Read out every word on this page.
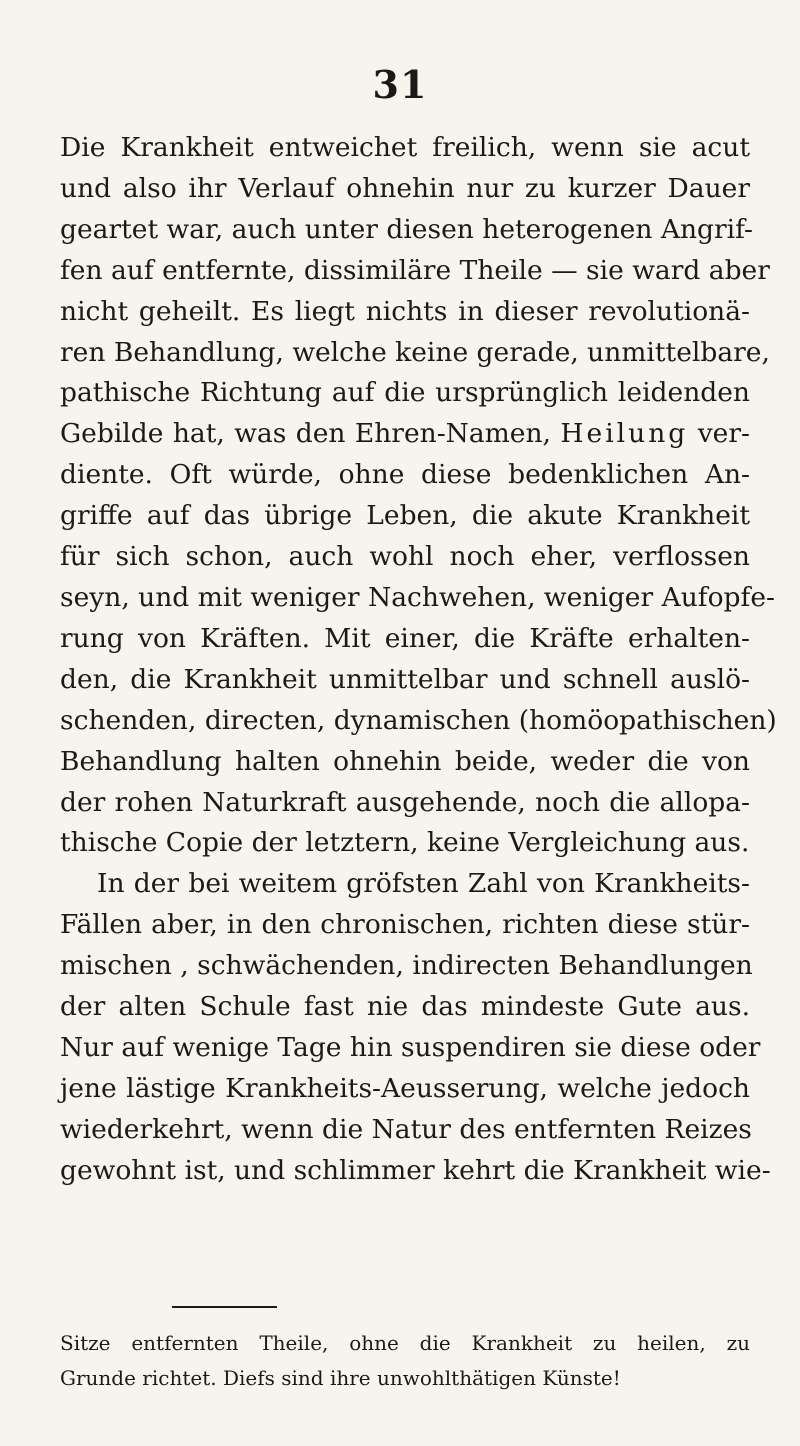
31
Die Krankheit entweichet freilich, wenn sie acut
und also ihr Verlauf ohnehin nur zu kurzer Dauer
geartet war, auch unter diesen heterogenen Angrif-
fen auf entfernte, dissimiläre Theile — sie ward aber
nicht geheilt. Es liegt nichts in dieser revolutionä-
ren Behandlung, welche keine gerade, unmittelbare,
pathische Richtung auf die ursprünglich leidenden
Gebilde hat, was den Ehren-Namen, Heilung ver-
diente. Oft würde, ohne diese bedenklichen An-
griffe auf das übrige Leben, die akute Krankheit
für sich schon, auch wohl noch eher, verflossen
seyn, und mit weniger Nachwehen, weniger Aufopfe-
rung von Kräften. Mit einer, die Kräfte erhalten-
den, die Krankheit unmittelbar und schnell auslö-
schenden, directen, dynamischen (homöopathischen)
Behandlung halten ohnehin beide, weder die von
der rohen Naturkraft ausgehende, noch die allopa-
thische Copie der letztern, keine Vergleichung aus.
In der bei weitem gröfsten Zahl von Krankheits-
Fällen aber, in den chronischen, richten diese stür-
mischen , schwächenden, indirecten Behandlungen
der alten Schule fast nie das mindeste Gute aus.
Nur auf wenige Tage hin suspendiren sie diese oder
jene lästige Krankheits-Aeusserung, welche jedoch
wiederkehrt, wenn die Natur des entfernten Reizes
gewohnt ist, und schlimmer kehrt die Krankheit wie-
Sitze entfernten Theile, ohne die Krankheit zu heilen, zu
Grunde richtet. Diefs sind ihre unwohlthätigen Künste!
